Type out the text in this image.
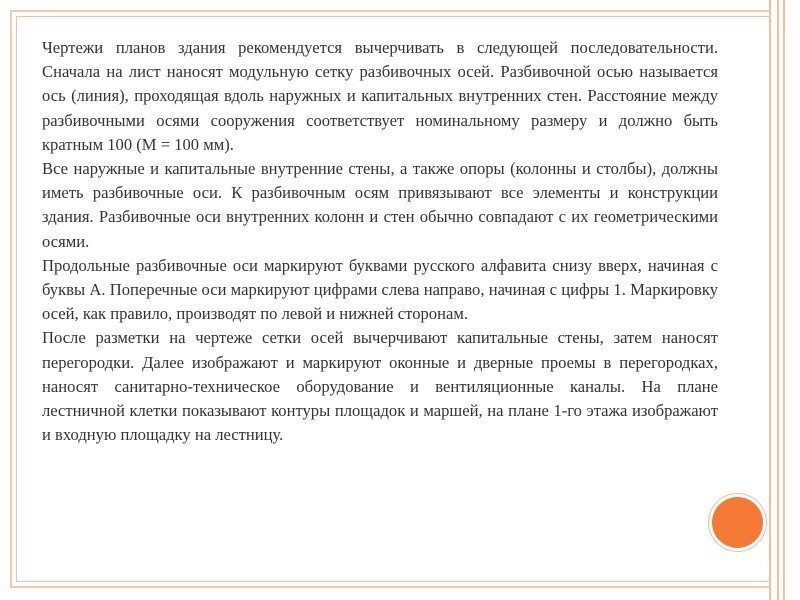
Чертежи планов здания рекомендуется вычерчивать в следующей последовательности. Сначала на лист наносят модульную сетку разбивочных осей. Разбивочной осью называется ось (линия), проходящая вдоль наружных и капитальных внутренних стен. Расстояние между разбивочными осями сооружения соответствует номинальному размеру и должно быть кратным 100 (М = 100 мм).

Все наружные и капитальные внутренние стены, а также опоры (колонны и столбы), должны иметь разбивочные оси. К разбивочным осям привязывают все элементы и конструкции здания. Разбивочные оси внутренних колонн и стен обычно совпадают с их геометрическими осями.

Продольные разбивочные оси маркируют буквами русского алфавита снизу вверх, начиная с буквы А. Поперечные оси маркируют цифрами слева направо, начиная с цифры 1. Маркировку осей, как правило, производят по левой и нижней сторонам.

После разметки на чертеже сетки осей вычерчивают капитальные стены, затем наносят перегородки. Далее изображают и маркируют оконные и дверные проемы в перегородках, наносят санитарно-техническое оборудование и вентиляционные каналы. На плане лестничной клетки показывают контуры площадок и маршей, на плане 1-го этажа изображают и входную площадку на лестницу.
